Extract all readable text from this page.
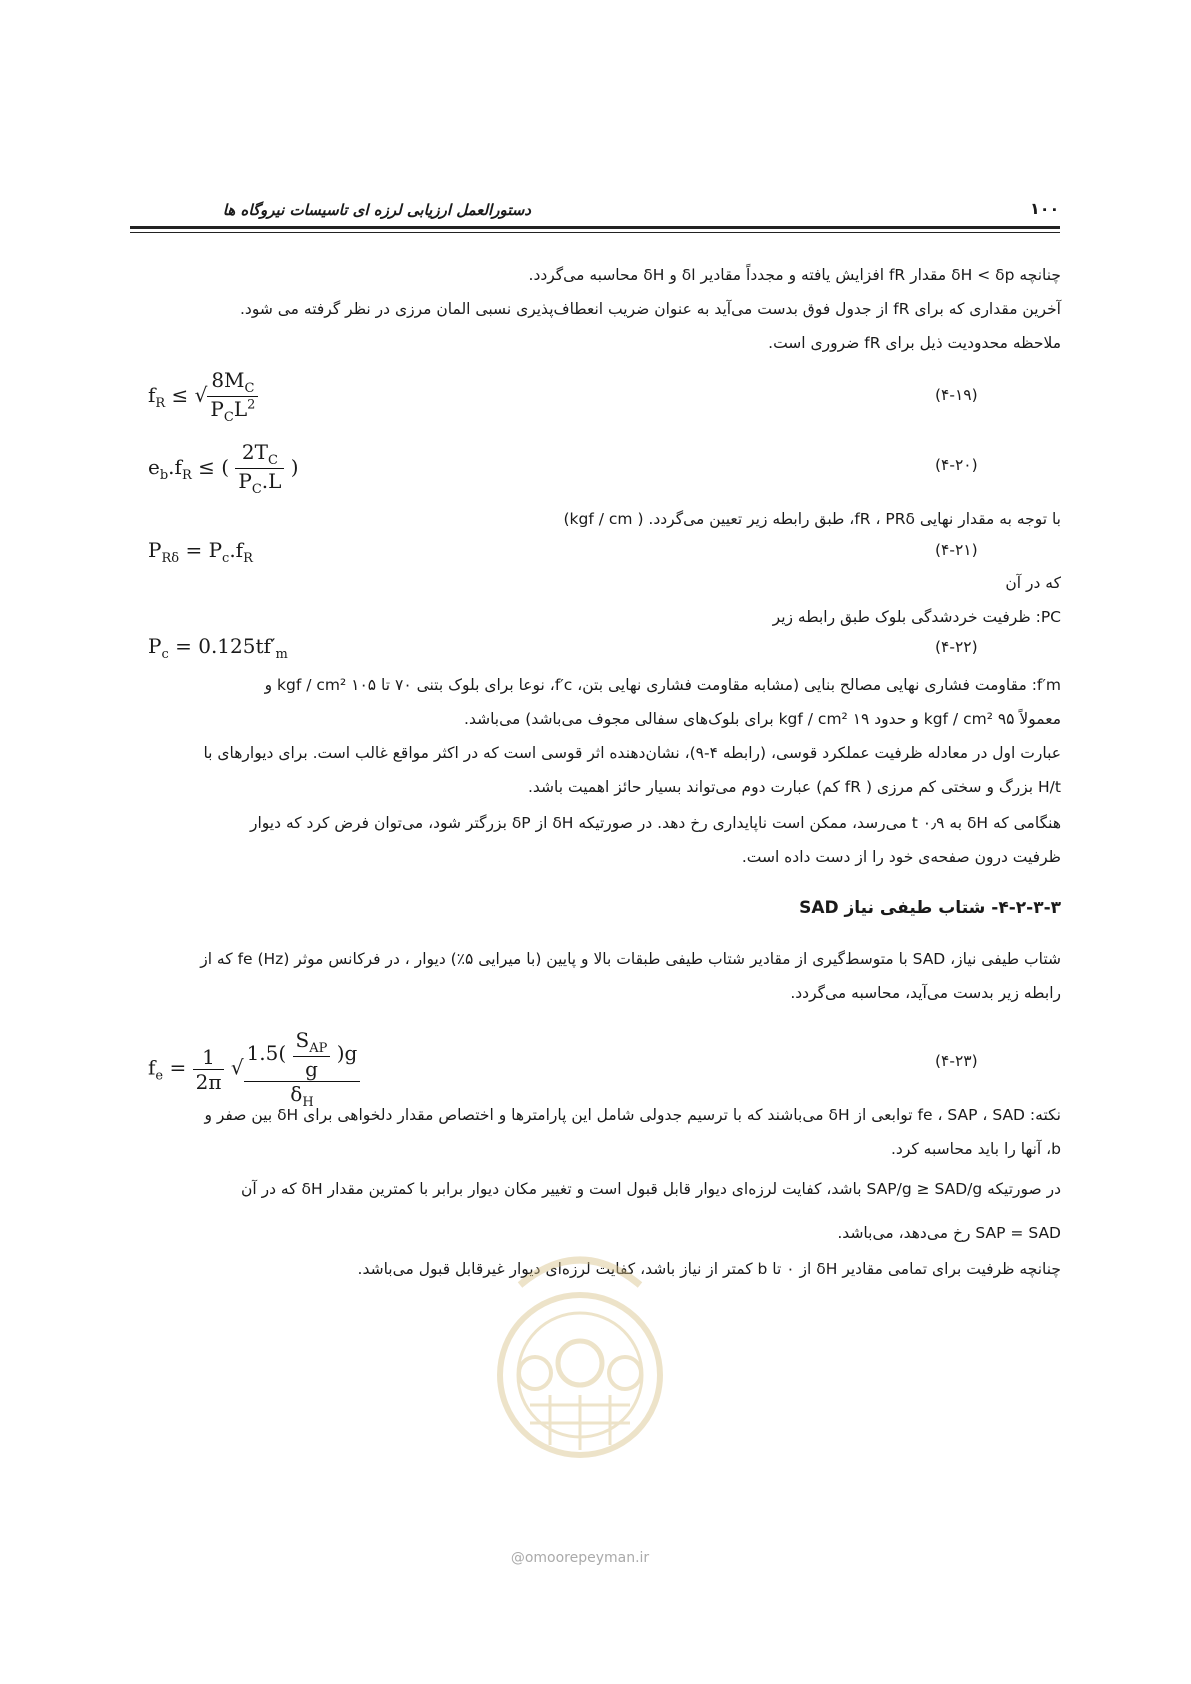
دستورالعمل ارزیابی لرزه ای تاسیسات نیروگاه ها	۱۰۰
چنانچه δH < δp مقدار fR افزایش یافته و مجدداً مقادیر δl و δH محاسبه می‌گردد.
آخرین مقداری که برای fR از جدول فوق بدست می‌آید به عنوان ضریب انعطاف‌پذیری نسبی المان مرزی در نظر گرفته می شود.
ملاحظه محدودیت ذیل برای fR ضروری است.
$f_R$ ≤ √ $\frac{8M_C}{P_CL^2}$	(۴-۱۹)
$e_b.f_R$ ≤ ( $\frac{2T_C}{P_C.L}$ )	(۴-۲۰)
با توجه به مقدار نهایی fR ، PRδ، طبق رابطه زیر تعیین می‌گردد. ( kgf / cm)
$P_{R\delta} = P_c.f_R$	(۴-۲۱)
که در آن
PC: ظرفیت خردشدگی بلوک طبق رابطه زیر
$P_c = 0.125tf'_m$	(۴-۲۲)
f′m: مقاومت فشاری نهایی مصالح بنایی (مشابه مقاومت فشاری نهایی بتن، f′c، نوعا برای بلوک بتنی ۷۰ تا kgf / cm² ۱۰۵ و
معمولاً kgf / cm² ۹۵ و حدود kgf / cm² ۱۹ برای بلوک‌های سفالی مجوف می‌باشد) می‌باشد.
عبارت اول در معادله ظرفیت عملکرد قوسی، (رابطه ۴-۹)، نشان‌دهنده اثر قوسی است که در اکثر مواقع غالب است. برای دیوارهای با
H/t بزرگ و سختی کم مرزی ( fR کم) عبارت دوم می‌تواند بسیار حائز اهمیت باشد.
هنگامی که δH به t ۰٫۹ می‌رسد، ممکن است ناپایداری رخ دهد. در صورتیکه δH از δP بزرگتر شود، می‌توان فرض کرد که دیوار
ظرفیت درون صفحه‌ی خود را از دست داده است.
۴-۲-۳-۳- شتاب طیفی نیاز SAD
شتاب طیفی نیاز، SAD با متوسط‌گیری از مقادیر شتاب طیفی طبقات بالا و پایین (با میرایی ۵٪) دیوار ، در فرکانس موثر fe (Hz) که از
رابطه زیر بدست می‌آید، محاسبه می‌گردد.
$f_e = \frac{1}{2\pi}$ √ $\frac{1.5( \frac{S_{AP}}{g} )g}{\delta_H}$	(۴-۲۳)
نکته: fe ، SAP ، SAD توابعی از δH می‌باشند که با ترسیم جدولی شامل این پارامترها و اختصاص مقدار دلخواهی برای δH بین صفر و
b، آنها را باید محاسبه کرد.
در صورتیکه SAP/g ≥ SAD/g باشد، کفایت لرزه‌ای دیوار قابل قبول است و تغییر مکان دیوار برابر با کمترین مقدار δH که در آن
SAP = SAD رخ می‌دهد، می‌باشد.
چنانچه ظرفیت برای تمامی مقادیر δH از ۰ تا b کمتر از نیاز باشد، کفایت لرزه‌ای دیوار غیرقابل قبول می‌باشد.
@omoorepeyman.ir
